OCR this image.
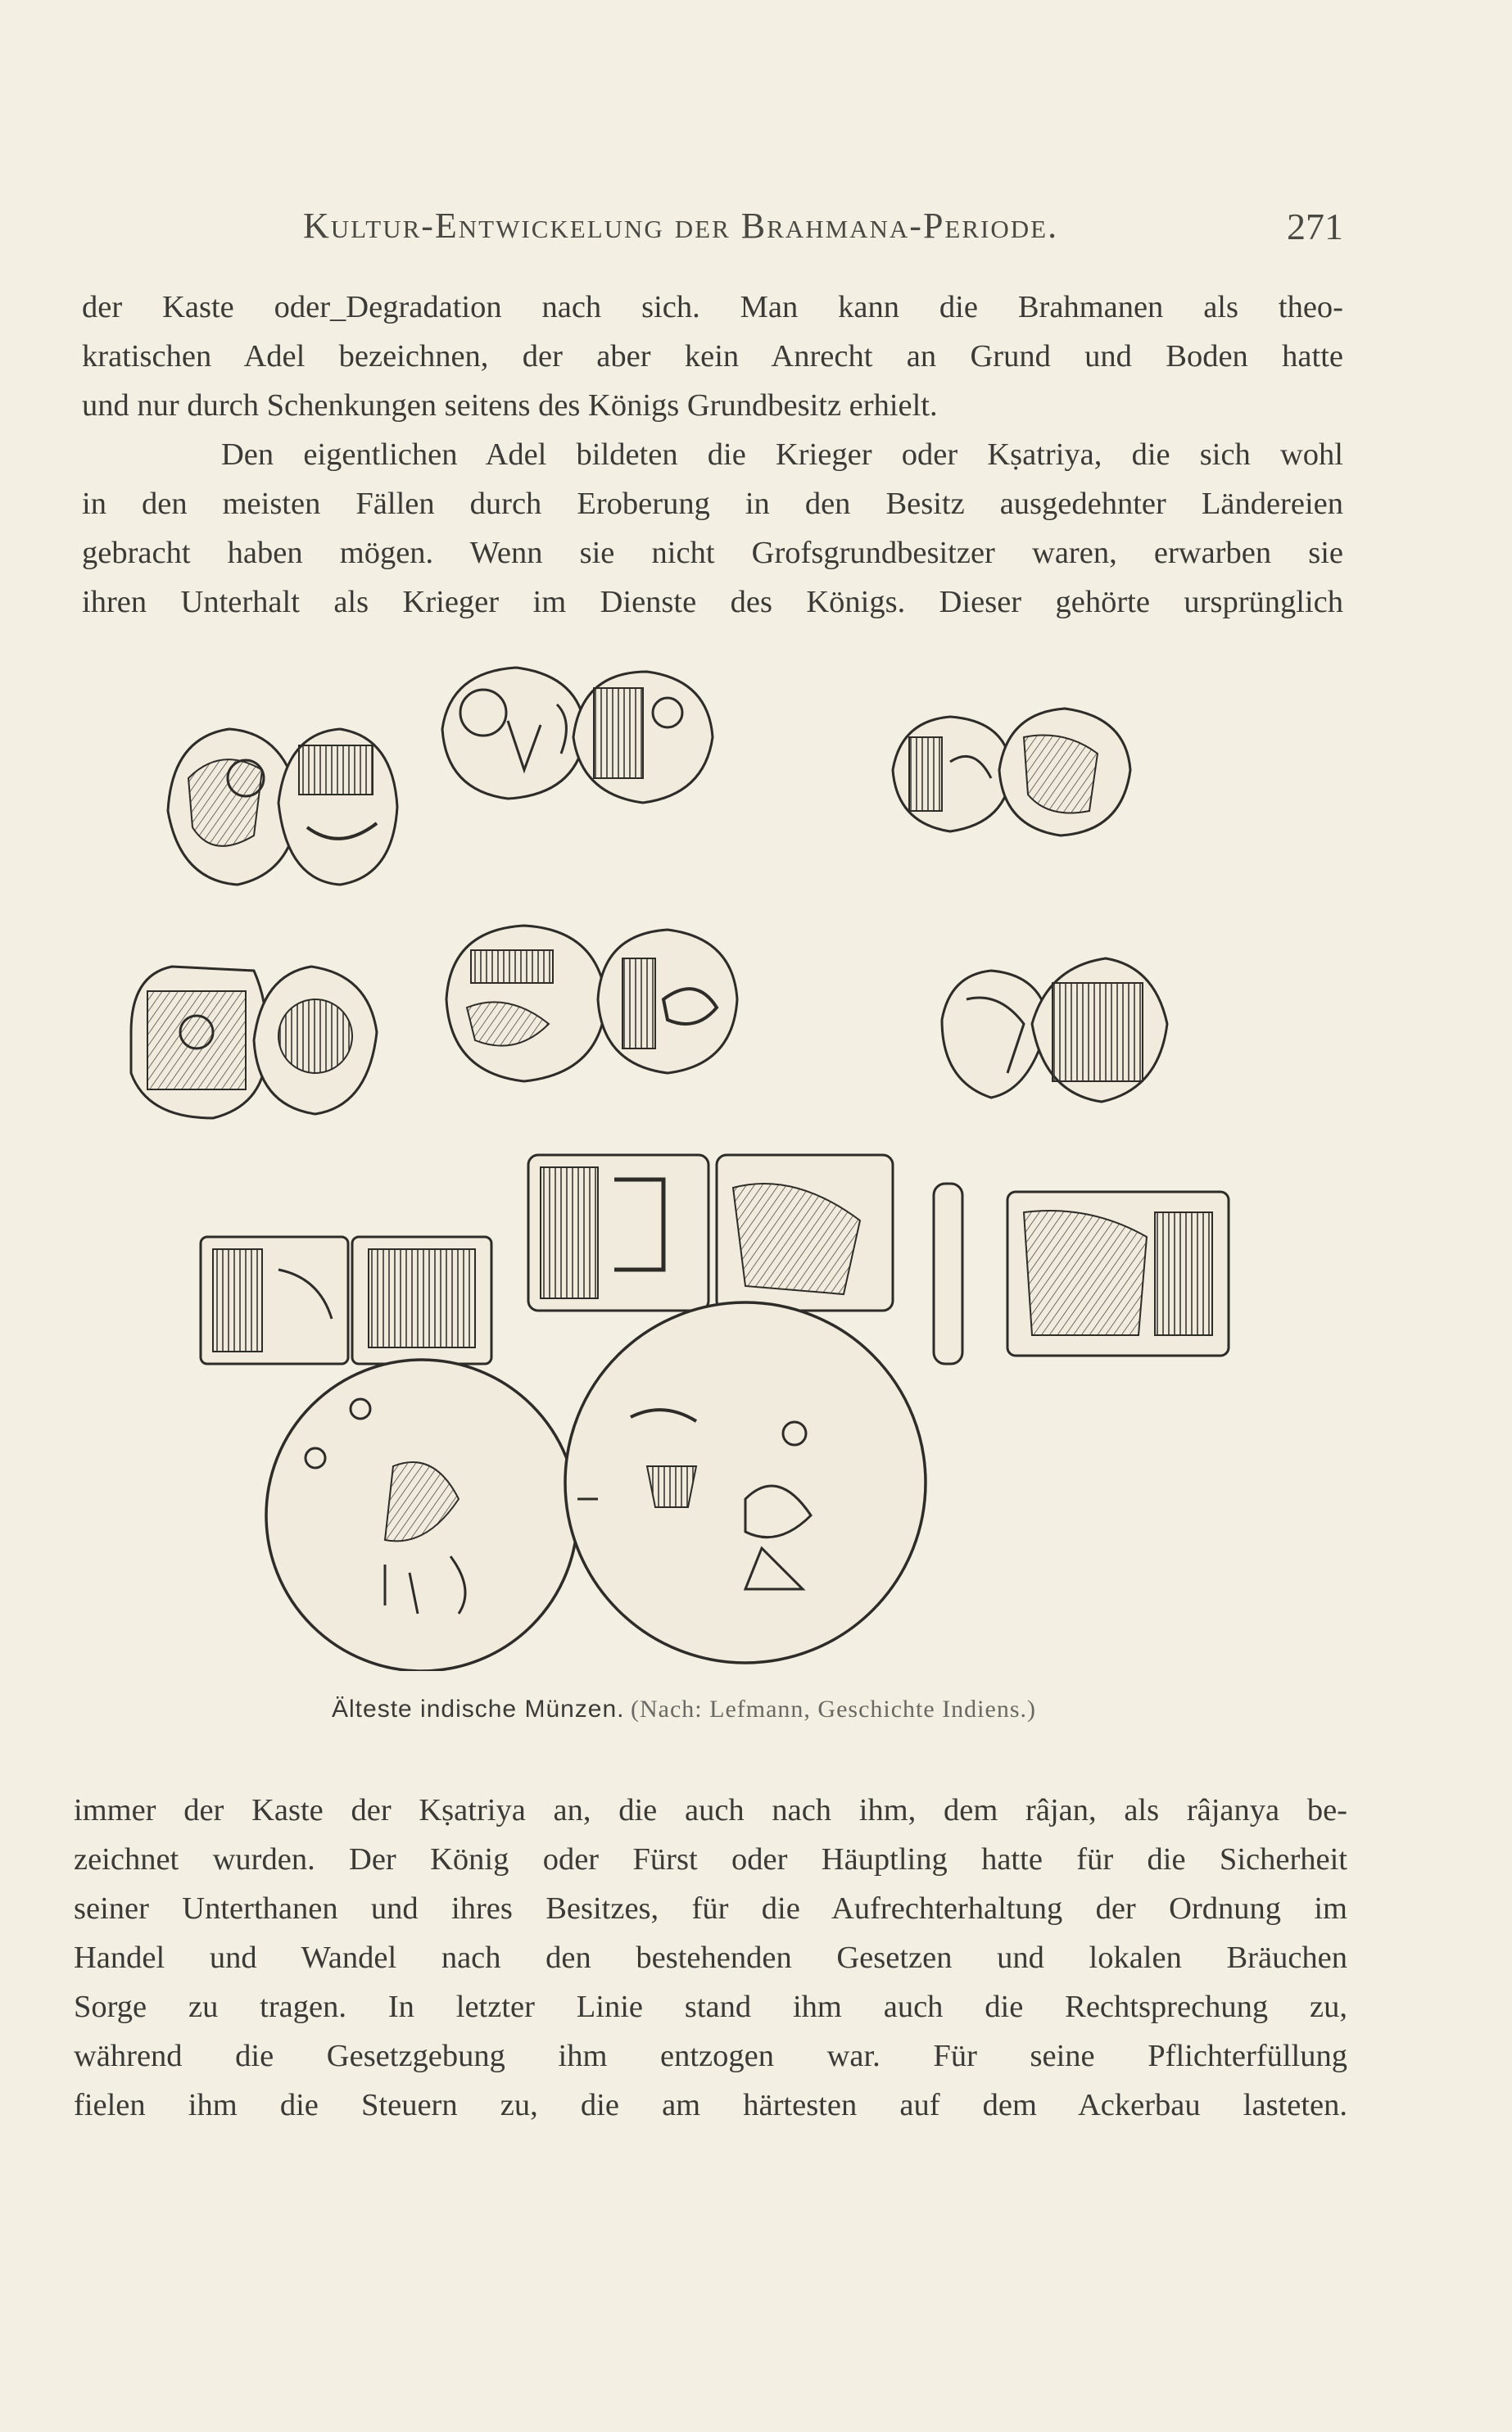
Kultur-Entwickelung der Brahmana-Periode.	271

der Kaste oder_Degradation nach sich. Man kann die Brahmanen als theo-
kratischen Adel bezeichnen, der aber kein Anrecht an Grund und Boden hatte
und nur durch Schenkungen seitens des Königs Grundbesitz erhielt.

Den eigentlichen Adel bildeten die Krieger oder Kṣatriya, die sich wohl
in den meisten Fällen durch Eroberung in den Besitz ausgedehnter Ländereien
gebracht haben mögen. Wenn sie nicht Grofsgrundbesitzer waren, erwarben sie
ihren Unterhalt als Krieger im Dienste des Königs. Dieser gehörte ursprünglich

Älteste indische Münzen. (Nach: Lefmann, Geschichte Indiens.)

immer der Kaste der Kṣatriya an, die auch nach ihm, dem râjan, als râjanya be-
zeichnet wurden. Der König oder Fürst oder Häuptling hatte für die Sicherheit
seiner Unterthanen und ihres Besitzes, für die Aufrechterhaltung der Ordnung im
Handel und Wandel nach den bestehenden Gesetzen und lokalen Bräuchen
Sorge zu tragen. In letzter Linie stand ihm auch die Rechtsprechung zu,
während die Gesetzgebung ihm entzogen war. Für seine Pflichterfüllung
fielen ihm die Steuern zu, die am härtesten auf dem Ackerbau lasteten.
